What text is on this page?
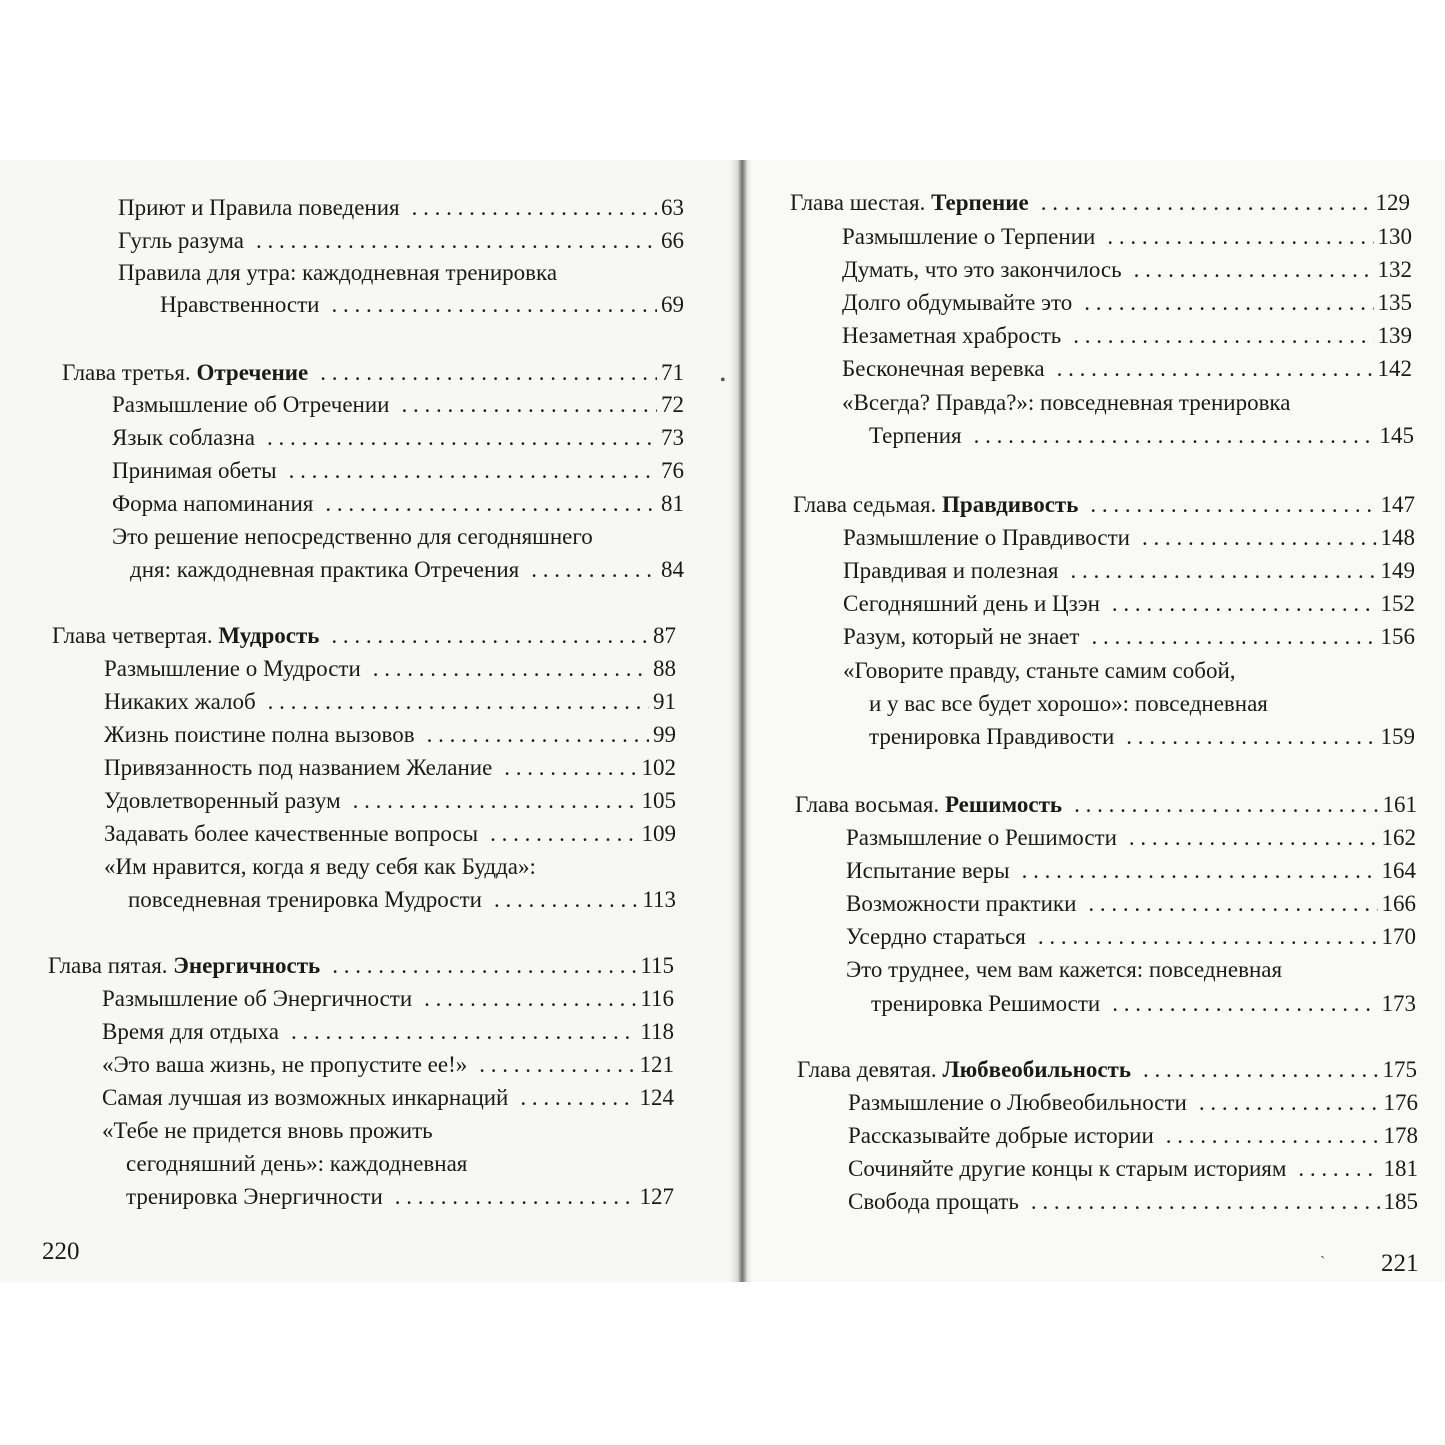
Приют и Правила поведения . . .	63
Гугль разума . . .	66
Правила для утра: каждодневная тренировка
Нравственности . . .	69
Глава третья. Отречение . . .	71
Размышление об Отречении . . .	72
Язык соблазна . . .	73
Принимая обеты . . .	76
Форма напоминания . . .	81
Это решение непосредственно для сегодняшнего
дня: каждодневная практика Отречения . . .	84
Глава четвертая. Мудрость . . .	87
Размышление о Мудрости . . .	88
Никаких жалоб . . .	91
Жизнь поистине полна вызовов . . .	99
Привязанность под названием Желание . . .	102
Удовлетворенный разум . . .	105
Задавать более качественные вопросы . . .	109
«Им нравится, когда я веду себя как Будда»:
повседневная тренировка Мудрости . . .	113
Глава пятая. Энергичность . . .	115
Размышление об Энергичности . . .	116
Время для отдыха . . .	118
«Это ваша жизнь, не пропустите ее!» . . .	121
Самая лучшая из возможных инкарнаций . . .	124
«Тебе не придется вновь прожить
сегодняшний день»: каждодневная
тренировка Энергичности . . .	127
220
•
Глава шестая. Терпение . . .	129
Размышление о Терпении . . .	130
Думать, что это закончилось . . .	132
Долго обдумывайте это . . .	135
Незаметная храбрость . . .	139
Бесконечная веревка . . .	142
«Всегда? Правда?»: повседневная тренировка
Терпения . . .	145
Глава седьмая. Правдивость . . .	147
Размышление о Правдивости . . .	148
Правдивая и полезная . . .	149
Сегодняшний день и Цзэн . . .	152
Разум, который не знает . . .	156
«Говорите правду, станьте самим собой,
и у вас все будет хорошо»: повседневная
тренировка Правдивости . . .	159
Глава восьмая. Решимость . . .	161
Размышление о Решимости . . .	162
Испытание веры . . .	164
Возможности практики . . .	166
Усердно стараться . . .	170
Это труднее, чем вам кажется: повседневная
тренировка Решимости . . .	173
Глава девятая. Любвеобильность . . .	175
Размышление о Любвеобильности . . .	176
Рассказывайте добрые истории . . .	178
Сочиняйте другие концы к старым историям . . .	181
Свобода прощать . . .	185
221
`
